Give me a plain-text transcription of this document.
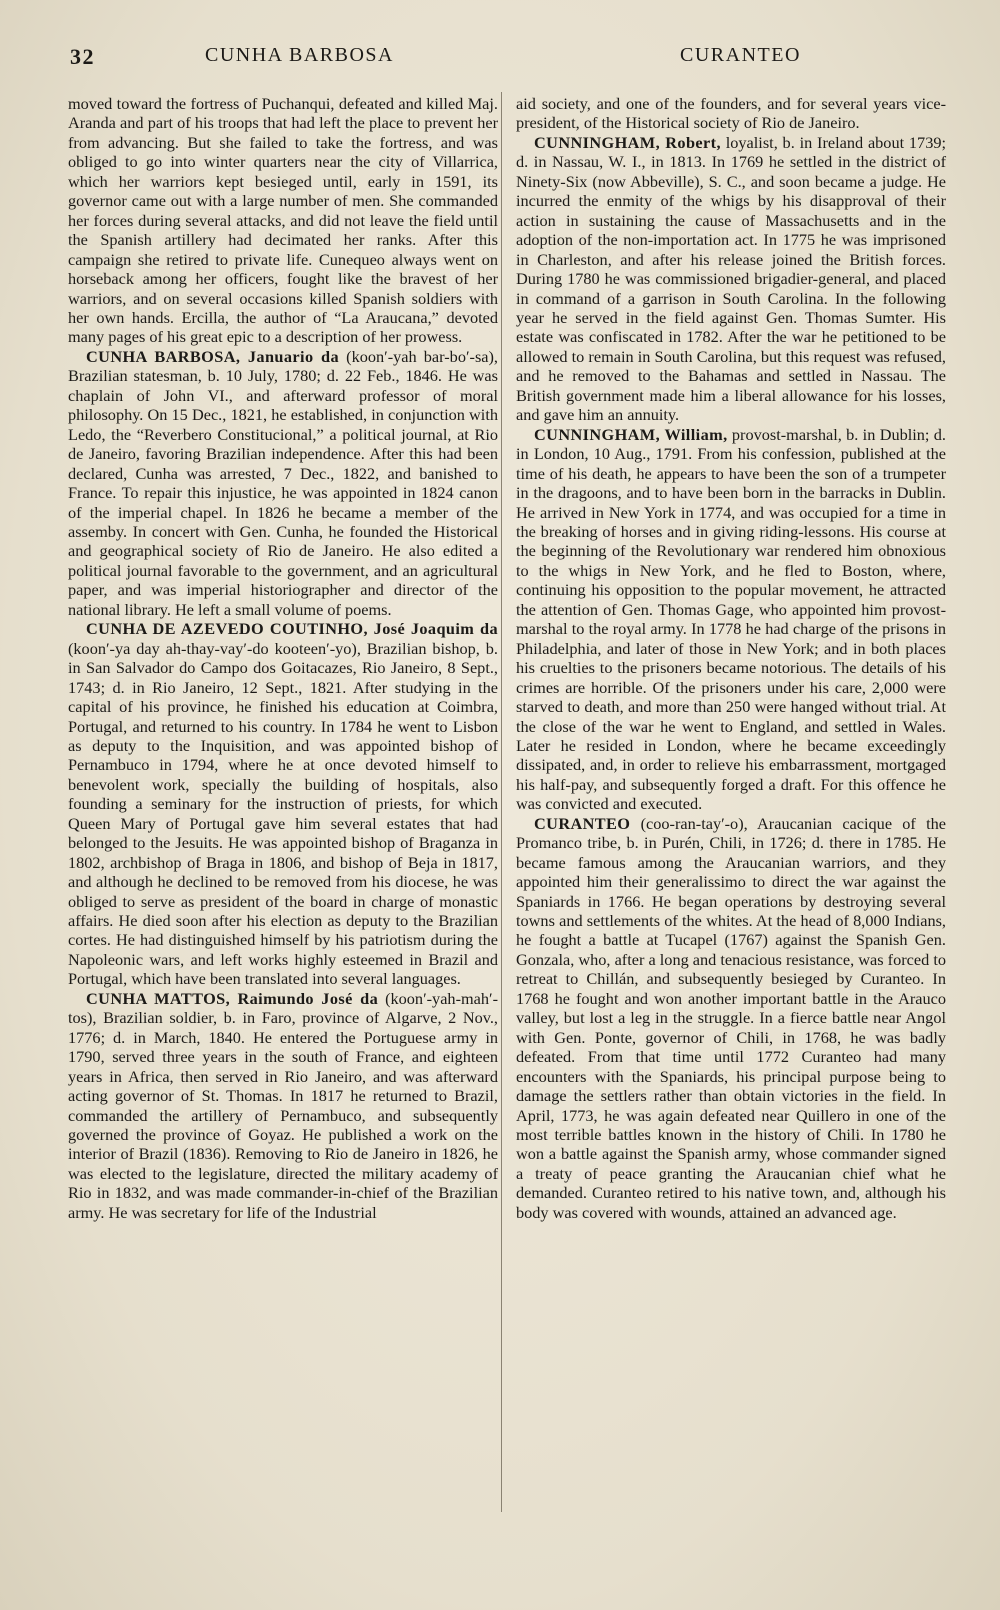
32	CUNHA BARBOSA	CURANTEO

moved toward the fortress of Puchanqui, defeated and killed Maj. Aranda and part of his troops that had left the place to prevent her from advancing. But she failed to take the fortress, and was obliged to go into winter quarters near the city of Villarrica, which her warriors kept besieged until, early in 1591, its governor came out with a large number of men. She commanded her forces during several attacks, and did not leave the field until the Spanish artillery had decimated her ranks. After this campaign she retired to private life. Cunequeo always went on horseback among her officers, fought like the bravest of her warriors, and on several occasions killed Spanish soldiers with her own hands. Ercilla, the author of “La Araucana,” devoted many pages of his great epic to a description of her prowess.

CUNHA BARBOSA, Januario da (koon′-yah bar-bo′-sa), Brazilian statesman, b. 10 July, 1780; d. 22 Feb., 1846. He was chaplain of John VI., and afterward professor of moral philosophy. On 15 Dec., 1821, he established, in conjunction with Ledo, the “Reverbero Constitucional,” a political journal, at Rio de Janeiro, favoring Brazilian independence. After this had been declared, Cunha was arrested, 7 Dec., 1822, and banished to France. To repair this injustice, he was appointed in 1824 canon of the imperial chapel. In 1826 he became a member of the assemby. In concert with Gen. Cunha, he founded the Historical and geographical society of Rio de Janeiro. He also edited a political journal favorable to the government, and an agricultural paper, and was imperial historiographer and director of the national library. He left a small volume of poems.

CUNHA DE AZEVEDO COUTINHO, José Joaquim da (koon′-ya day ah-thay-vay′-do kooteen′-yo), Brazilian bishop, b. in San Salvador do Campo dos Goitacazes, Rio Janeiro, 8 Sept., 1743; d. in Rio Janeiro, 12 Sept., 1821. After studying in the capital of his province, he finished his education at Coimbra, Portugal, and returned to his country. In 1784 he went to Lisbon as deputy to the Inquisition, and was appointed bishop of Pernambuco in 1794, where he at once devoted himself to benevolent work, specially the building of hospitals, also founding a seminary for the instruction of priests, for which Queen Mary of Portugal gave him several estates that had belonged to the Jesuits. He was appointed bishop of Braganza in 1802, archbishop of Braga in 1806, and bishop of Beja in 1817, and although he declined to be removed from his diocese, he was obliged to serve as president of the board in charge of monastic affairs. He died soon after his election as deputy to the Brazilian cortes. He had distinguished himself by his patriotism during the Napoleonic wars, and left works highly esteemed in Brazil and Portugal, which have been translated into several languages.

CUNHA MATTOS, Raimundo José da (koon′-yah-mah′-tos), Brazilian soldier, b. in Faro, province of Algarve, 2 Nov., 1776; d. in March, 1840. He entered the Portuguese army in 1790, served three years in the south of France, and eighteen years in Africa, then served in Rio Janeiro, and was afterward acting governor of St. Thomas. In 1817 he returned to Brazil, commanded the artillery of Pernambuco, and subsequently governed the province of Goyaz. He published a work on the interior of Brazil (1836). Removing to Rio de Janeiro in 1826, he was elected to the legislature, directed the military academy of Rio in 1832, and was made commander-in-chief of the Brazilian army. He was secretary for life of the Industrial

aid society, and one of the founders, and for several years vice-president, of the Historical society of Rio de Janeiro.

CUNNINGHAM, Robert, loyalist, b. in Ireland about 1739; d. in Nassau, W. I., in 1813. In 1769 he settled in the district of Ninety-Six (now Abbeville), S. C., and soon became a judge. He incurred the enmity of the whigs by his disapproval of their action in sustaining the cause of Massachusetts and in the adoption of the non-importation act. In 1775 he was imprisoned in Charleston, and after his release joined the British forces. During 1780 he was commissioned brigadier-general, and placed in command of a garrison in South Carolina. In the following year he served in the field against Gen. Thomas Sumter. His estate was confiscated in 1782. After the war he petitioned to be allowed to remain in South Carolina, but this request was refused, and he removed to the Bahamas and settled in Nassau. The British government made him a liberal allowance for his losses, and gave him an annuity.

CUNNINGHAM, William, provost-marshal, b. in Dublin; d. in London, 10 Aug., 1791. From his confession, published at the time of his death, he appears to have been the son of a trumpeter in the dragoons, and to have been born in the barracks in Dublin. He arrived in New York in 1774, and was occupied for a time in the breaking of horses and in giving riding-lessons. His course at the beginning of the Revolutionary war rendered him obnoxious to the whigs in New York, and he fled to Boston, where, continuing his opposition to the popular movement, he attracted the attention of Gen. Thomas Gage, who appointed him provost-marshal to the royal army. In 1778 he had charge of the prisons in Philadelphia, and later of those in New York; and in both places his cruelties to the prisoners became notorious. The details of his crimes are horrible. Of the prisoners under his care, 2,000 were starved to death, and more than 250 were hanged without trial. At the close of the war he went to England, and settled in Wales. Later he resided in London, where he became exceedingly dissipated, and, in order to relieve his embarrassment, mortgaged his half-pay, and subsequently forged a draft. For this offence he was convicted and executed.

CURANTEO (coo-ran-tay′-o), Araucanian cacique of the Promanco tribe, b. in Purén, Chili, in 1726; d. there in 1785. He became famous among the Araucanian warriors, and they appointed him their generalissimo to direct the war against the Spaniards in 1766. He began operations by destroying several towns and settlements of the whites. At the head of 8,000 Indians, he fought a battle at Tucapel (1767) against the Spanish Gen. Gonzala, who, after a long and tenacious resistance, was forced to retreat to Chillán, and subsequently besieged by Curanteo. In 1768 he fought and won another important battle in the Arauco valley, but lost a leg in the struggle. In a fierce battle near Angol with Gen. Ponte, governor of Chili, in 1768, he was badly defeated. From that time until 1772 Curanteo had many encounters with the Spaniards, his principal purpose being to damage the settlers rather than obtain victories in the field. In April, 1773, he was again defeated near Quillero in one of the most terrible battles known in the history of Chili. In 1780 he won a battle against the Spanish army, whose commander signed a treaty of peace granting the Araucanian chief what he demanded. Curanteo retired to his native town, and, although his body was covered with wounds, attained an advanced age.
